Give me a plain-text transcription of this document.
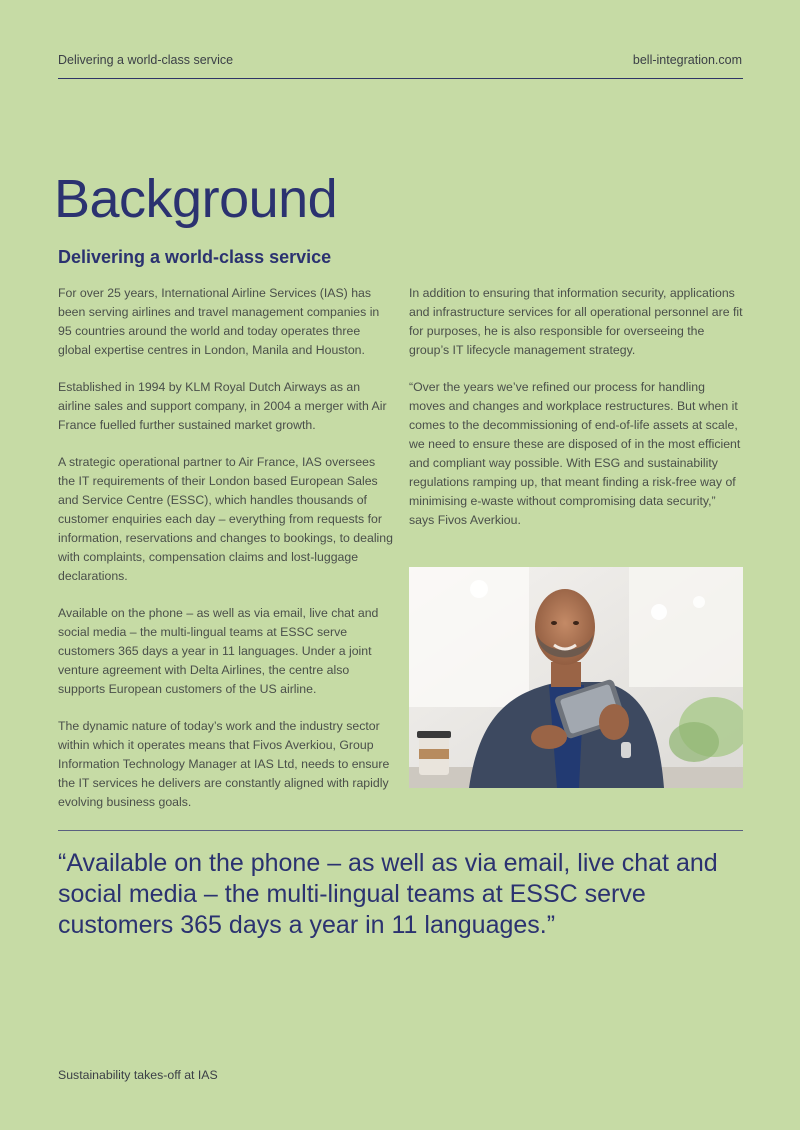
Delivering a world-class service	bell-integration.com
Background
Delivering a world-class service

For over 25 years, International Airline Services (IAS) has been serving airlines and travel management companies in 95 countries around the world and today operates three global expertise centres in London, Manila and Houston.

Established in 1994 by KLM Royal Dutch Airways as an airline sales and support company, in 2004 a merger with Air France fuelled further sustained market growth.

A strategic operational partner to Air France, IAS oversees the IT requirements of their London based European Sales and Service Centre (ESSC), which handles thousands of customer enquiries each day – everything from requests for information, reservations and changes to bookings, to dealing with complaints, compensation claims and lost-luggage declarations.

Available on the phone – as well as via email, live chat and social media – the multi-lingual teams at ESSC serve customers 365 days a year in 11 languages. Under a joint venture agreement with Delta Airlines, the centre also supports European customers of the US airline.

The dynamic nature of today’s work and the industry sector within which it operates means that Fivos Averkiou, Group Information Technology Manager at IAS Ltd, needs to ensure the IT services he delivers are constantly aligned with rapidly evolving business goals.

In addition to ensuring that information security, applications and infrastructure services for all operational personnel are fit for purposes, he is also responsible for overseeing the group’s IT lifecycle management strategy.

“Over the years we’ve refined our process for handling moves and changes and workplace restructures. But when it comes to the decommissioning of end-of-life assets at scale, we need to ensure these are disposed of in the most efficient and compliant way possible. With ESG and sustainability regulations ramping up, that meant finding a risk-free way of minimising e-waste without compromising data security,” says Fivos Averkiou.

“Available on the phone – as well as via email, live chat and social media – the multi-lingual teams at ESSC serve customers 365 days a year in 11 languages.”
Sustainability takes-off at IAS
